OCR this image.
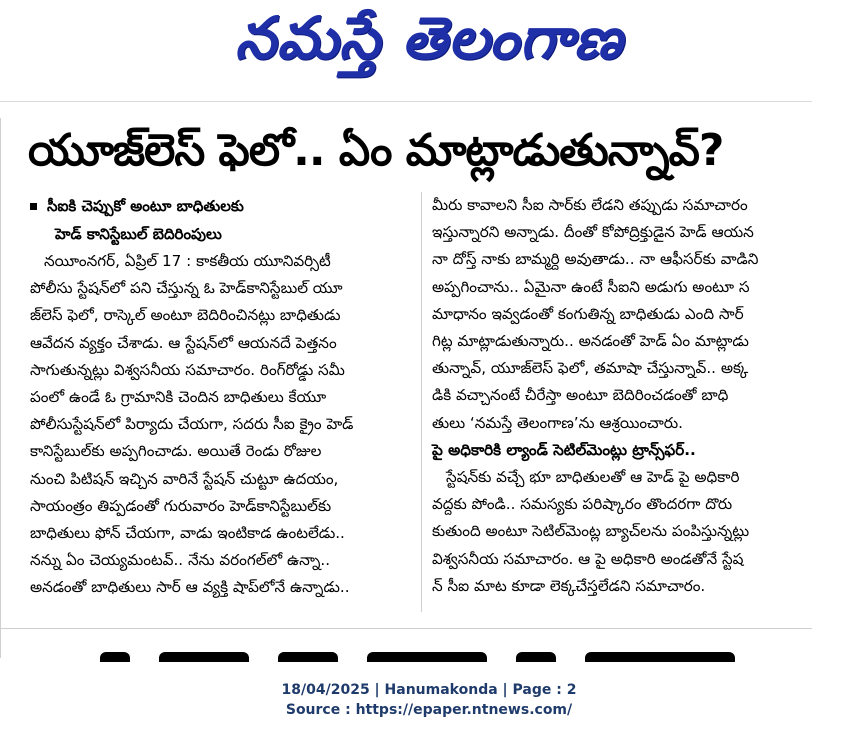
నమస్తే తెలంగాణ
యూజ్‌లెస్ ఫెలో.. ఏం మాట్లాడుతున్నావ్?
సీఐకి చెప్పుకో అంటూ బాధితులకు
హెడ్ కానిస్టేబుల్ బెదిరింపులు
నయీంనగర్, ఏప్రిల్ 17 : కాకతీయ యూనివర్సిటీ
పోలీసు స్టేషన్‌లో పని చేస్తున్న ఓ హెడ్‌కానిస్టేబుల్ యూ
జ్‌లెస్ ఫెలో, రాస్కెల్ అంటూ బెదిరించినట్లు బాధితుడు
ఆవేదన వ్యక్తం చేశాడు. ఆ స్టేషన్‌లో ఆయనదే పెత్తనం
సాగుతున్నట్లు విశ్వసనీయ సమాచారం. రింగ్‌రోడ్డు సమీ
పంలో ఉండే ఓ గ్రామానికి చెందిన బాధితులు కేయూ
పోలీసుస్టేషన్‌లో పిర్యాదు చేయగా, సదరు సీఐ క్రైం హెడ్
కానిస్టేబుల్‌కు అప్పగించాడు. అయితే రెండు రోజుల
నుంచి పిటిషన్ ఇచ్చిన వారినే స్టేషన్ చుట్టూ ఉదయం,
సాయంత్రం తిప్పడంతో గురువారం హెడ్‌కానిస్టేబుల్‌కు
బాధితులు ఫోన్ చేయగా, వాడు ఇంటికాడ ఉంటలేడు..
నన్ను ఏం చెయ్యమంటవ్.. నేను వరంగల్‌లో ఉన్నా..
అనడంతో బాధితులు సార్ ఆ వ్యక్తి షాప్‌లోనే ఉన్నాడు..
మీరు కావాలని సీఐ సార్‌కు లేడని తప్పుడు సమాచారం
ఇస్తున్నారని అన్నాడు. దీంతో కోపోద్రిక్తుడైన హెడ్ ఆయన
నా దోస్త్ నాకు బామ్మర్ది అవుతాడు.. నా ఆఫీసర్‌కు వాడిని
అప్పగించాను.. ఏమైనా ఉంటే సీఐని అడుగు అంటూ స
మాధానం ఇవ్వడంతో కంగుతిన్న బాధితుడు ఎంది సార్
గిట్ల మాట్లాడుతున్నారు.. అనడంతో హెడ్ ఏం మాట్లాడు
తున్నావ్, యూజ్‌లెస్ ఫెలో, తమాషా చేస్తున్నావ్.. అక్క
డికి వచ్చానంటే చీరేస్తా అంటూ బెదిరించడంతో బాధి
తులు ‘నమస్తే తెలంగాణ’ను ఆశ్రయించారు.
పై అధికారికి ల్యాండ్ సెటిల్‌మెంట్లు ట్రాన్స్‌ఫర్..
స్టేషన్‌కు వచ్చే భూ బాధితులతో ఆ హెడ్ పై అధికారి
వద్దకు పోండి.. సమస్యకు పరిష్కారం తొందరగా దొరు
కుతుంది అంటూ సెటిల్‌మెంట్ల బ్యాచ్‌లను పంపిస్తున్నట్లు
విశ్వసనీయ సమాచారం. ఆ పై అధికారి అండతోనే స్టేష
న్ సీఐ మాట కూడా లెక్కచేస్తలేడని సమాచారం.

18/04/2025 | Hanumakonda | Page : 2
Source : https://epaper.ntnews.com/
